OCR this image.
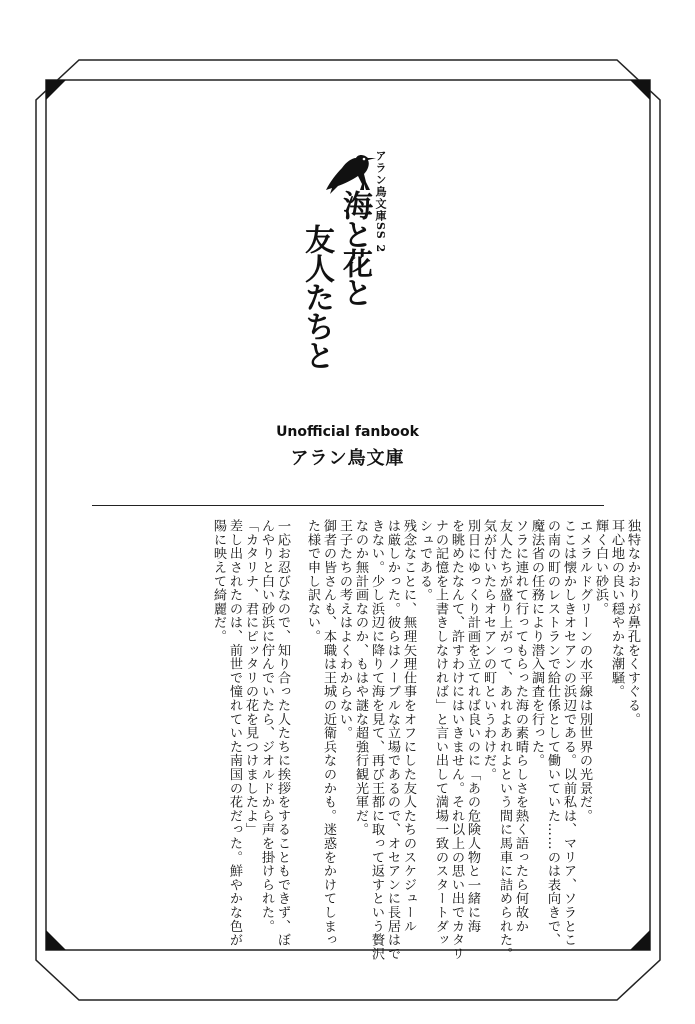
アラン鳥文庫SS 2
海と花と
友人たちと
Unofficial fanbook
アラン鳥文庫
独特なかおりが鼻孔をくすぐる。
耳心地の良い穏やかな潮騒。
輝く白い砂浜。
エメラルドグリーンの水平線は別世界の光景だ。
ここは懐かしきオセアンの浜辺である。以前私は、マリア、ソラとこ
の南の町のレストランで給仕係として働いていた……のは表向きで、
魔法省の任務により潜入調査を行った。
ソラに連れて行ってもらった海の素晴らしさを熱く語ったら何故か
友人たちが盛り上がって、あれよあれよという間に馬車に詰められた。
気が付いたらオセアンの町というわけだ。
別日にゆっくり計画を立てれば良いのに「あの危険人物と一緒に海
を眺めたなんて、許すわけにはいきません。それ以上の思い出でカタリ
ナの記憶を上書きしなければ」と言い出して満場一致のスタートダッ
シュである。
残念なことに、無理矢理仕事をオフにした友人たちのスケジュール
は厳しかった。彼らはノーブルな立場であるので、オセアンに長居はで
きない。少し浜辺に降りて海を見て、再び王都に取って返すという贅沢
なのか無計画なのか、もはや謎な超強行観光軍だ。
王子たちの考えはよくわからない。
御者の皆さんも、本職は王城の近衛兵なのかも。迷惑をかけてしまっ
た様で申し訳ない。
一応お忍びなので、知り合った人たちに挨拶をすることもできず、ぼ
んやりと白い砂浜に佇んでいたら、ジオルドから声を掛けられた。
「カタリナ、君にピッタリの花を見つけましたよ」
差し出されたのは、前世で憧れていた南国の花だった。鮮やかな色が
陽に映えて綺麗だ。
